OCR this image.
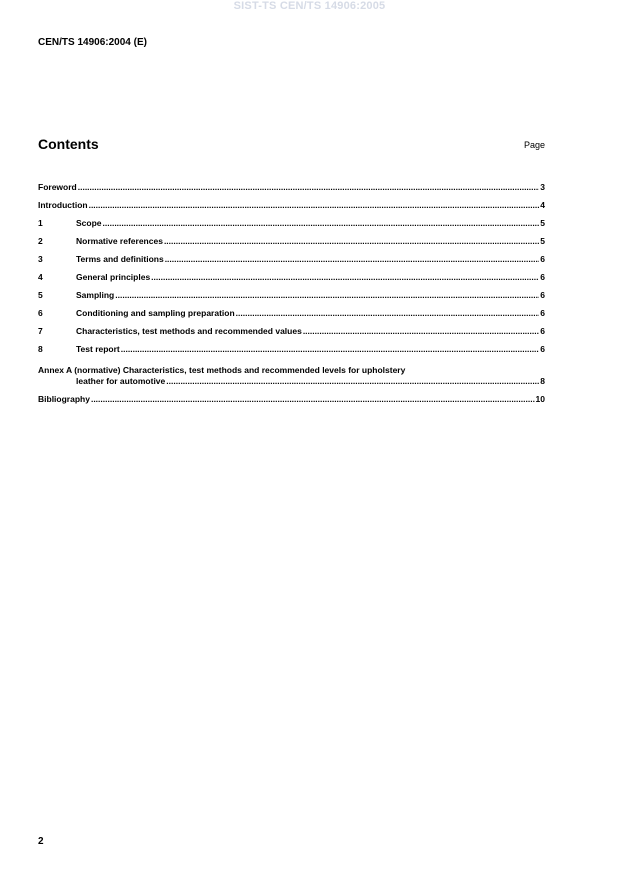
SIST-TS CEN/TS 14906:2005
CEN/TS 14906:2004 (E)
Contents	Page
Foreword .....	3
Introduction .....	4
1	Scope .....	5
2	Normative references .....	5
3	Terms and definitions .....	6
4	General principles .....	6
5	Sampling .....	6
6	Conditioning and sampling preparation .....	6
7	Characteristics, test methods and recommended values .....	6
8	Test report .....	6
Annex A (normative) Characteristics, test methods and recommended levels for upholstery
leather for automotive .....	8
Bibliography .....	10
2
